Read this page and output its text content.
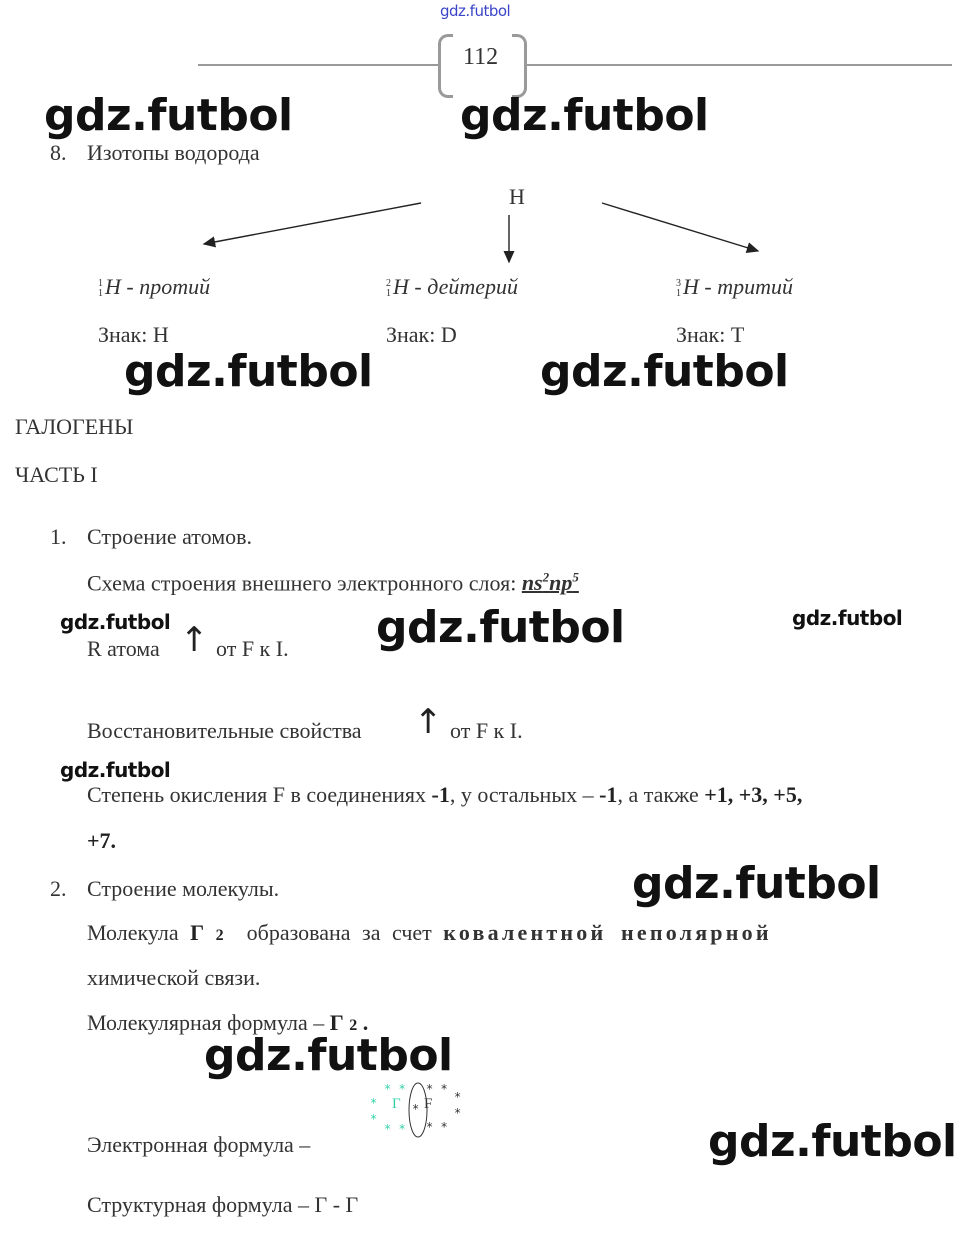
gdz.futbol
112
gdz.futbol	gdz.futbol
gdz.futbol	gdz.futbol
gdz.futbol	gdz.futbol	gdz.futbol
gdz.futbol
gdz.futbol
gdz.futbol
gdz.futbol
8. Изотопы водорода
H
1
1 H - протий
Знак: H
2
1 H - дейтерий
Знак: D
3
1 H - тритий
Знак: T
ГАЛОГЕНЫ
ЧАСТЬ I
1. Строение атомов.
Схема строения внешнего электронного слоя: $ns^2np^5$
R атома ↑ от F к I.
Восстановительные свойства ↑ от F к I.
Степень окисления F в соединениях -1, у остальных – -1, а также +1, +3, +5,
+7.
2. Строение молекулы.
Молекула Г 2 образована за счет ковалентной неполярной
химической связи.
Молекулярная формула – Г 2 .
* *
* Г
*
* *
* *
* F *
*
* *
Электронная формула –
Структурная формула – Г - Г
